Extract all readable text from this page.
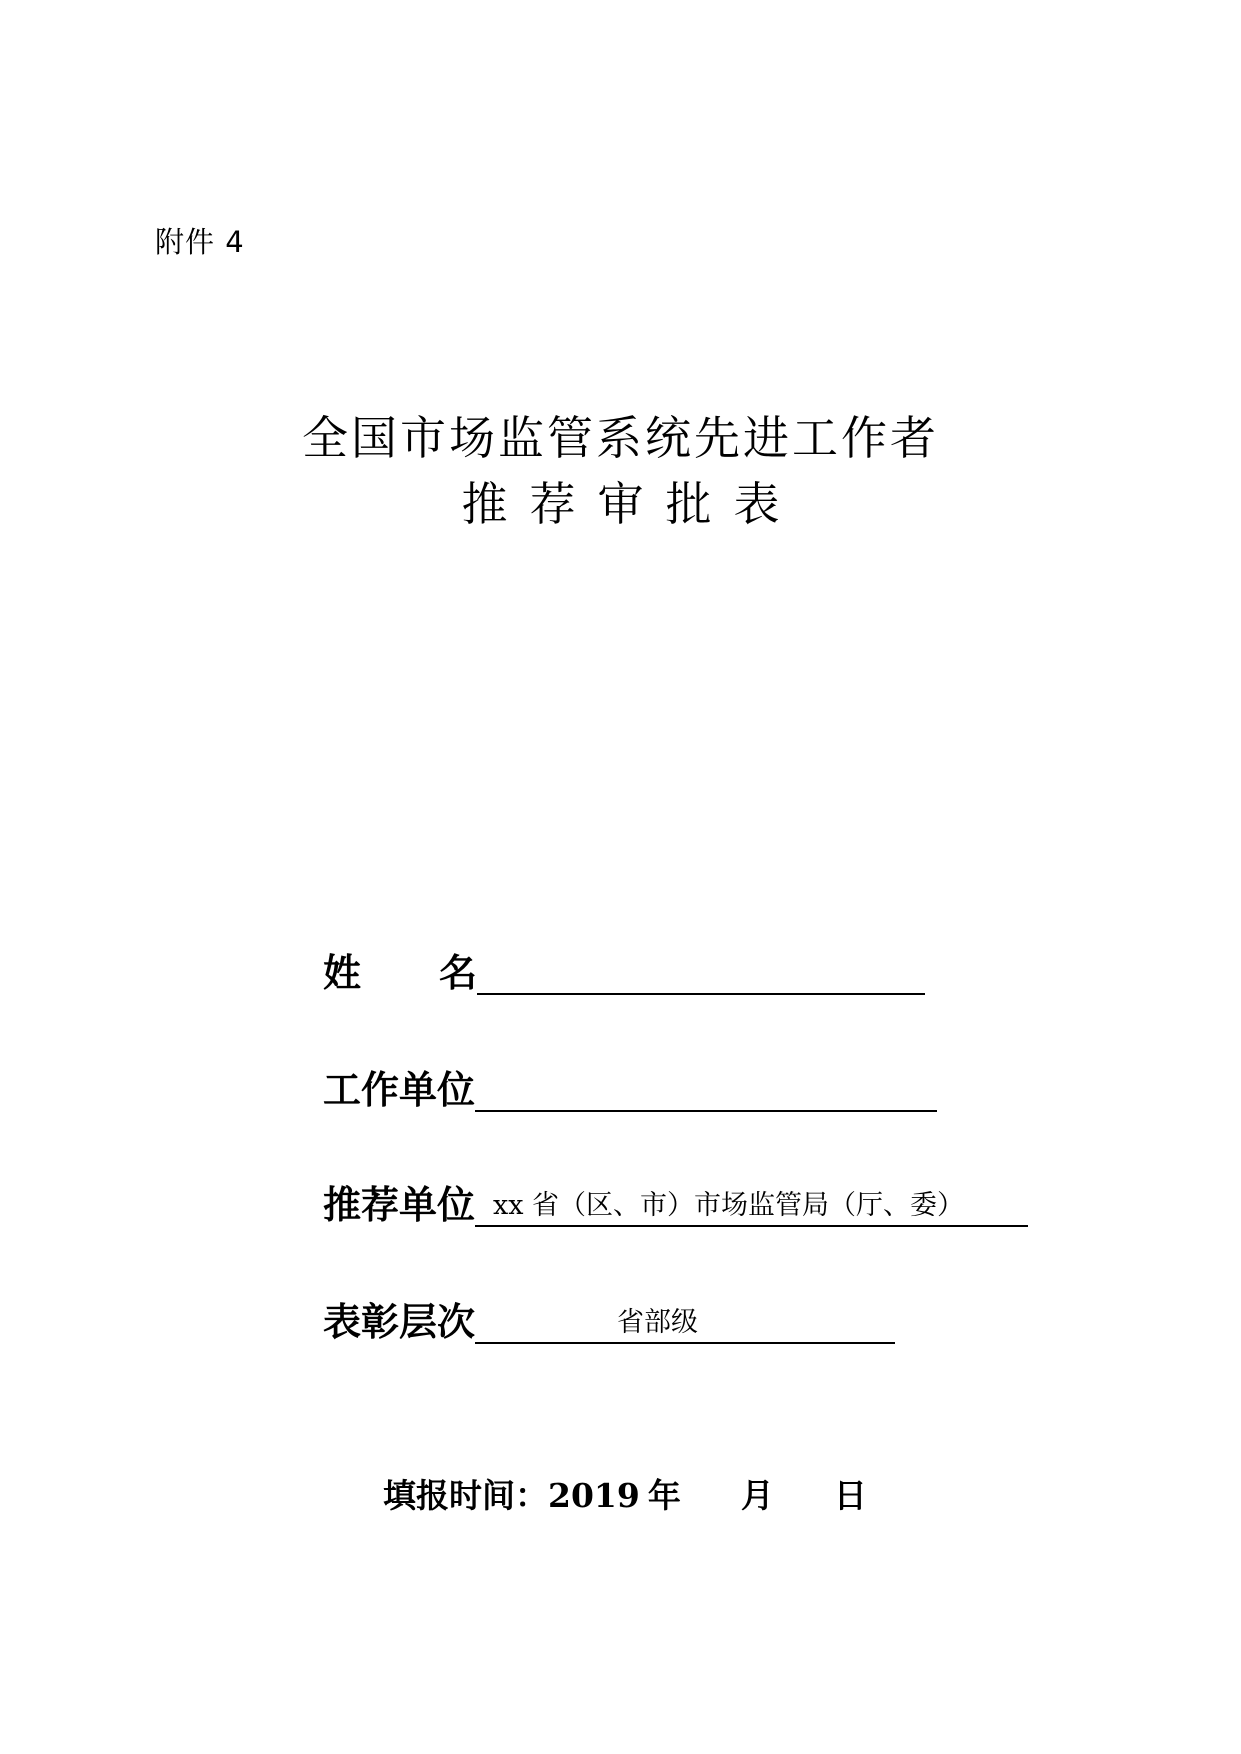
附件 4
全国市场监管系统先进工作者
推荐审批表
姓名
工作单位
推荐单位 xx 省（区、市）市场监管局（厅、委）
表彰层次	省部级
填报时间： 2019 年 月 日
